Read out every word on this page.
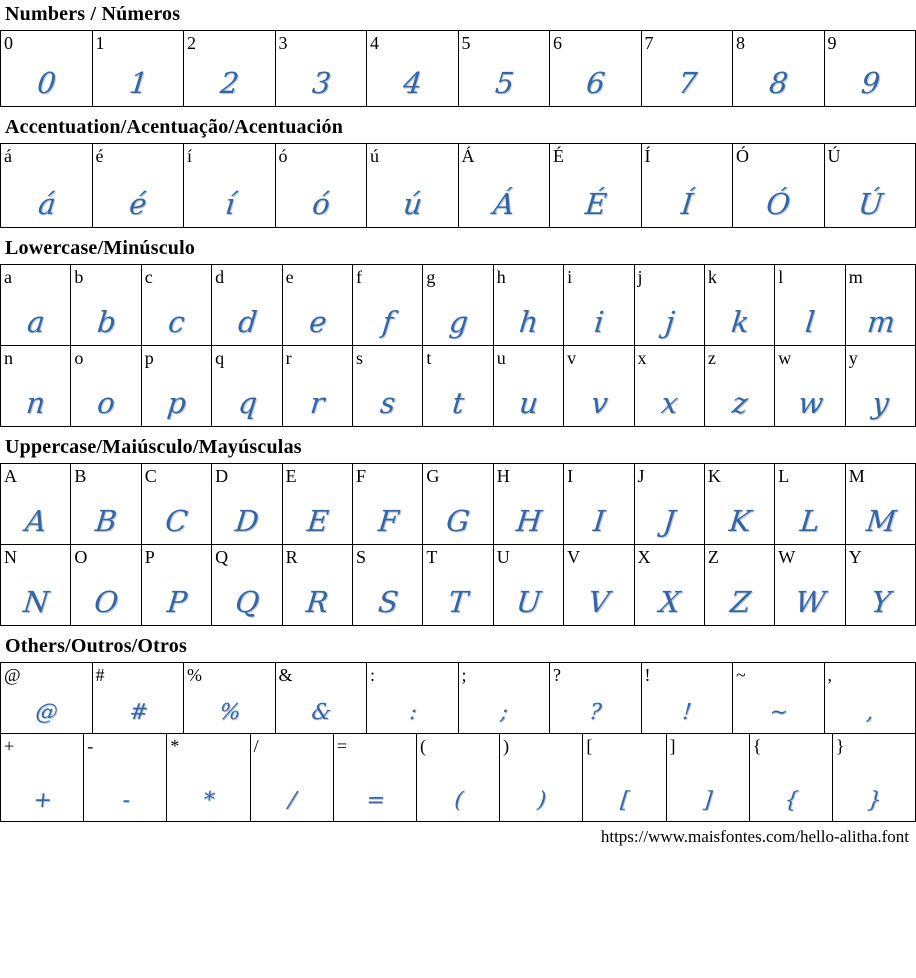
Numbers / Números
0
0
1
1
2
2
3
3
4
4
5
5
6
6
7
7
8
8
9
9
Accentuation/Acentuação/Acentuación
á
á
é
é
í
í
ó
ó
ú
ú
Á
Á
É
É
Í
Í
Ó
Ó
Ú
Ú
Lowercase/Minúsculo
a
a
b
b
c
c
d
d
e
e
f
f
g
g
h
h
i
i
j
j
k
k
l
l
m
m
n
n
o
o
p
p
q
q
r
r
s
s
t
t
u
u
v
v
x
x
z
z
w
w
y
y
Uppercase/Maiúsculo/Mayúsculas
A
A
B
B
C
C
D
D
E
E
F
F
G
G
H
H
I
I
J
J
K
K
L
L
M
M
N
N
O
O
P
P
Q
Q
R
R
S
S
T
T
U
U
V
V
X
X
Z
Z
W
W
Y
Y
Others/Outros/Otros
@
@
#
#
%
%
&
&
:
:
;
;
?
?
!
!
~
~
,
,
+
+
-
-
*
*
/
/
=
=
(
(
)
)
[
[
]
]
{
{
}
}
https://www.maisfontes.com/hello-alitha.font
